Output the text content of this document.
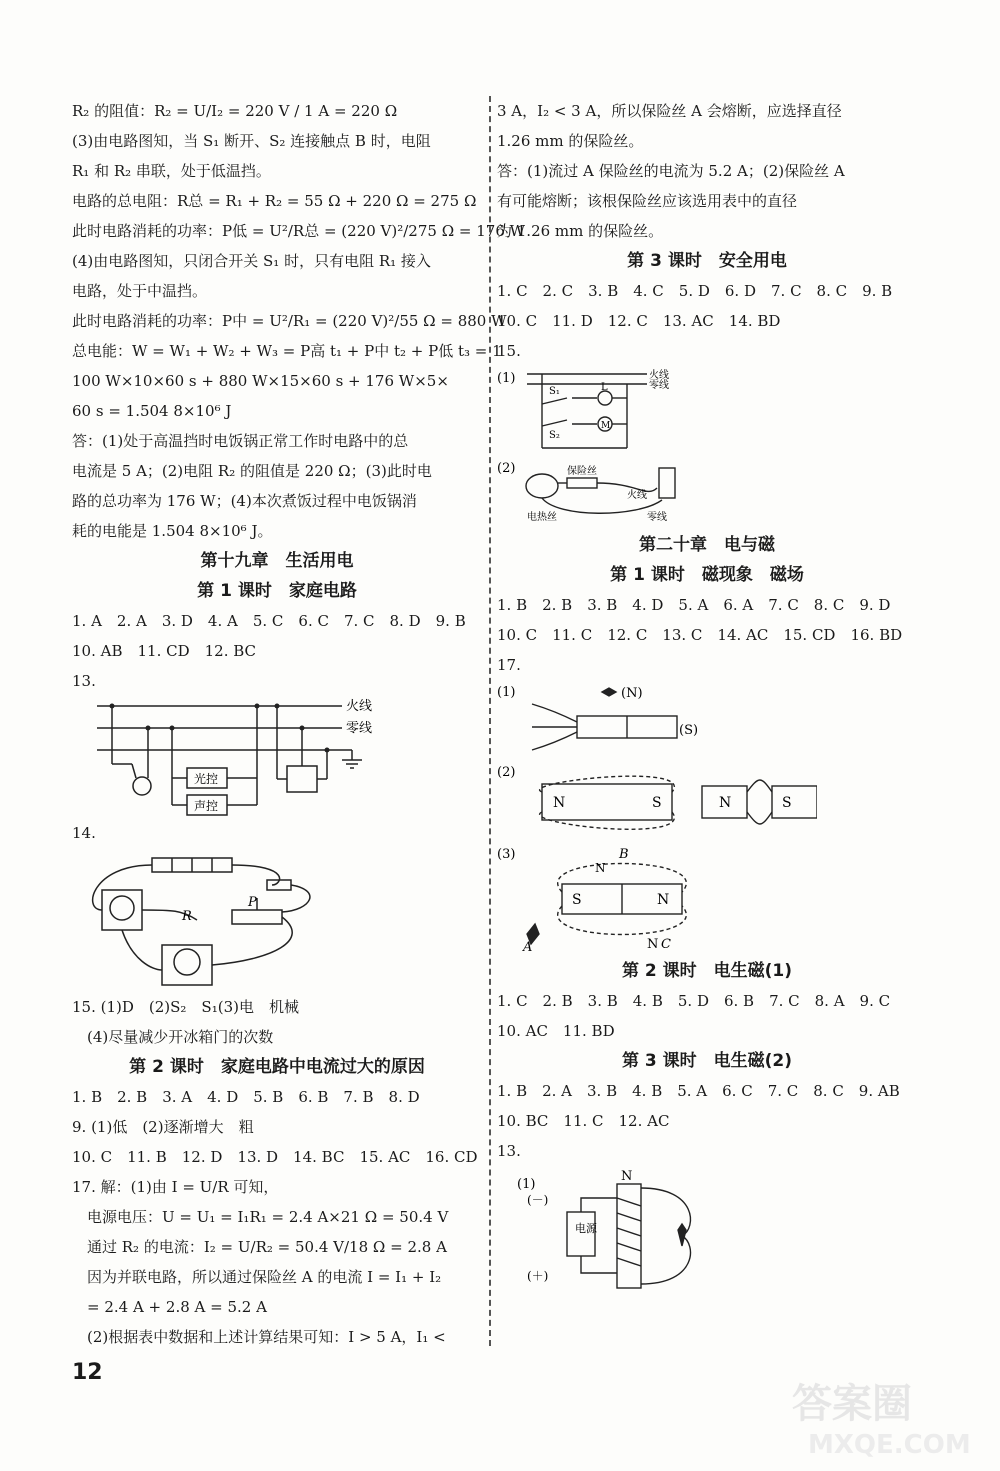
12
R₂ 的阻值：R₂ = U/I₂ = 220 V / 1 A = 220 Ω
(3)由电路图知，当 S₁ 断开、S₂ 连接触点 B 时，电阻
R₁ 和 R₂ 串联，处于低温挡。
电路的总电阻：R总 = R₁ + R₂ = 55 Ω + 220 Ω = 275 Ω
此时电路消耗的功率：P低 = U²/R总 = (220 V)²/275 Ω = 176 W
(4)由电路图知，只闭合开关 S₁ 时，只有电阻 R₁ 接入
电路，处于中温挡。
此时电路消耗的功率：P中 = U²/R₁ = (220 V)²/55 Ω = 880 W
总电能：W = W₁ + W₂ + W₃ = P高 t₁ + P中 t₂ + P低 t₃ = 1
100 W×10×60 s + 880 W×15×60 s + 176 W×5×
60 s = 1.504 8×10⁶ J
答：(1)处于高温挡时电饭锅正常工作时电路中的总
电流是 5 A；(2)电阻 R₂ 的阻值是 220 Ω；(3)此时电
路的总功率为 176 W；(4)本次煮饭过程中电饭锅消
耗的电能是 1.504 8×10⁶ J。
第十九章　生活用电
第 1 课时　家庭电路
1. A　2. A　3. D　4. A　5. C　6. C　7. C　8. D　9. B
10. AB　11. CD　12. BC
13.
火线
零线
光控
声控
14.
R
P
15. (1)D　(2)S₂　S₁(3)电　机械
　(4)尽量减少开冰箱门的次数
第 2 课时　家庭电路中电流过大的原因
1. B　2. B　3. A　4. D　5. B　6. B　7. B　8. D
9. (1)低　(2)逐渐增大　粗
10. C　11. B　12. D　13. D　14. BC　15. AC　16. CD
17. 解：(1)由 I = U/R 可知，
　电源电压：U = U₁ = I₁R₁ = 2.4 A×21 Ω = 50.4 V
　通过 R₂ 的电流：I₂ = U/R₂ = 50.4 V/18 Ω = 2.8 A
　因为并联电路，所以通过保险丝 A 的电流 I = I₁ + I₂
　= 2.4 A + 2.8 A = 5.2 A
　(2)根据表中数据和上述计算结果可知：I > 5 A，I₁ <
3 A，I₂ < 3 A，所以保险丝 A 会熔断，应选择直径
1.26 mm 的保险丝。
答：(1)流过 A 保险丝的电流为 5.2 A；(2)保险丝 A
有可能熔断；该根保险丝应该选用表中的直径
为 1.26 mm 的保险丝。
第 3 课时　安全用电
1. C　2. C　3. B　4. C　5. D　6. D　7. C　8. C　9. B
10. C　11. D　12. C　13. AC　14. BD
15.
(1)	火线
零线
S₁
S₂
L
M
(2)	保险丝
电热丝
火线
零线
第二十章　电与磁
第 1 课时　磁现象　磁场
1. B　2. B　3. B　4. D　5. A　6. A　7. C　8. C　9. D
10. C　11. C　12. C　13. C　14. AC　15. CD　16. BD
17.
(1)	(N)
(S)
(2)
N	S	N	S
(3)
S	N
B
N
A	N C
第 2 课时　电生磁(1)
1. C　2. B　3. B　4. B　5. D　6. B　7. C　8. A　9. C
10. AC　11. BD
第 3 课时　电生磁(2)
1. B　2. A　3. B　4. B　5. A　6. C　7. C　8. C　9. AB
10. BC　11. C　12. AC
13.
(1)
N
电源
(－)
(＋)
答案圈
MXQE.COM
